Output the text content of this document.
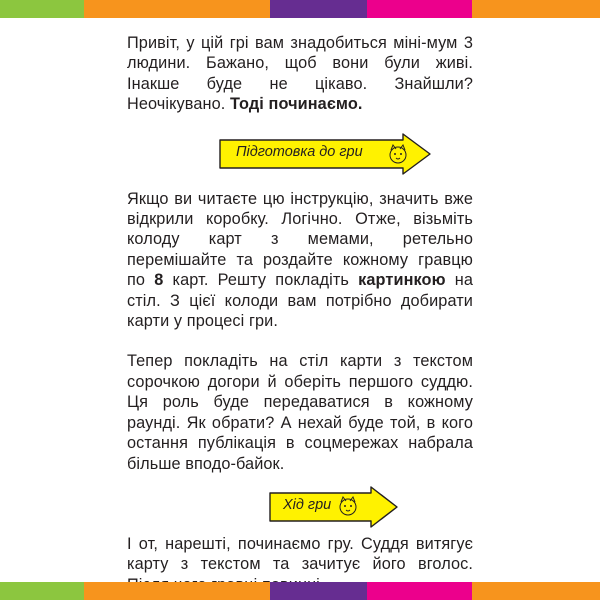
Привіт, у цій грі вам знадобиться міні-мум 3 людини. Бажано, щоб вони були живі. Інакше буде не цікаво. Знайшли? Неочікувано. Тоді починаємо.

Підготовка до гри

Якщо ви читаєте цю інструкцію, значить вже відкрили коробку. Логічно. Отже, візьміть колоду карт з мемами, ретельно перемішайте та роздайте кожному гравцю по 8 карт. Решту покладіть картинкою на стіл. З цієї колоди вам потрібно добирати карти у процесі гри.

Тепер покладіть на стіл карти з текстом сорочкою догори й оберіть першого суддю. Ця роль буде передаватися в кожному раунді. Як обрати? А нехай буде той, в кого остання публікація в соцмережах набрала більше вподо-байок.

Хід гри

І от, нарешті, починаємо гру. Суддя витягує карту з текстом та зачитує його вголос.
